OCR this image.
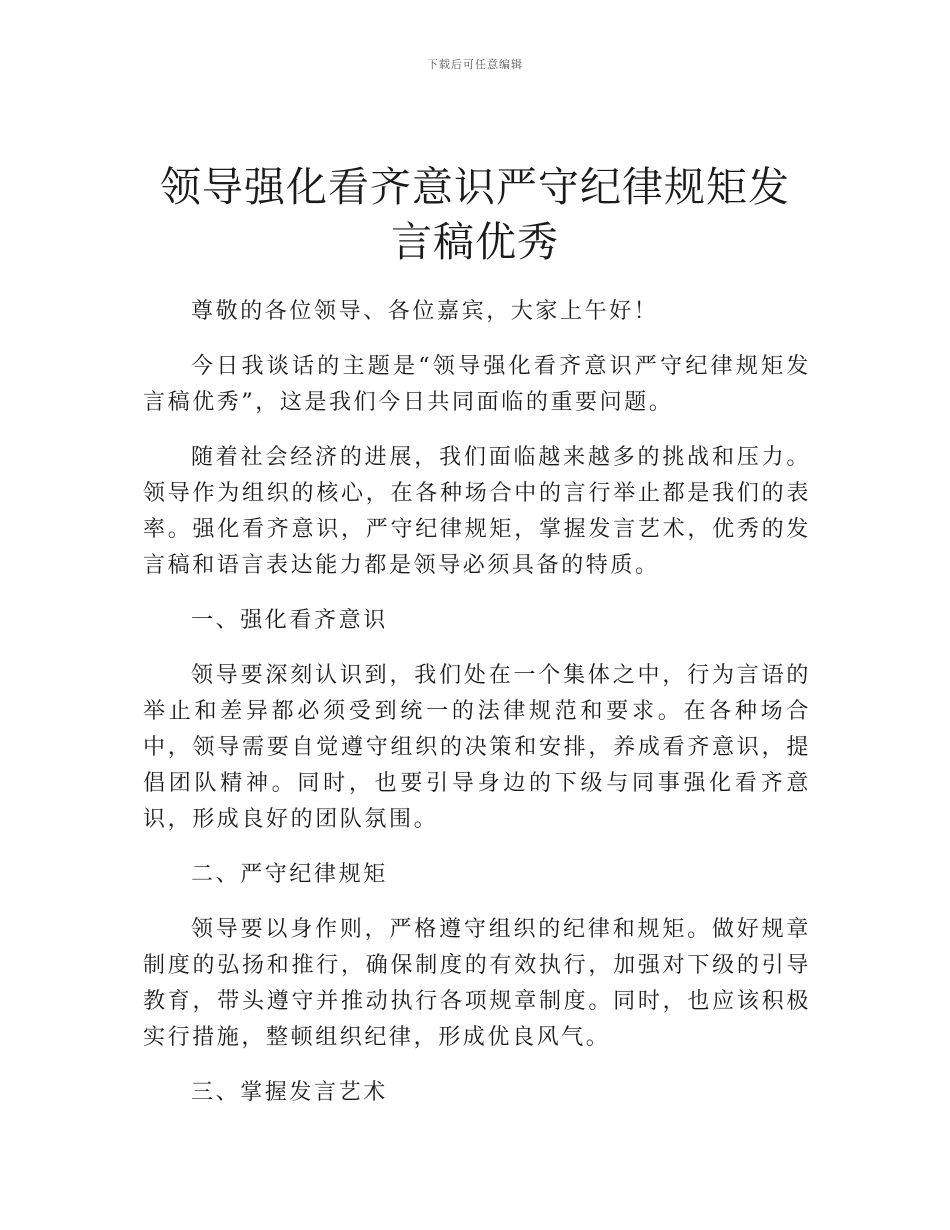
下载后可任意编辑
领导强化看齐意识严守纪律规矩发言稿优秀

尊敬的各位领导、各位嘉宾，大家上午好！

今日我谈话的主题是“领导强化看齐意识严守纪律规矩发言稿优秀”，这是我们今日共同面临的重要问题。

随着社会经济的进展，我们面临越来越多的挑战和压力。领导作为组织的核心，在各种场合中的言行举止都是我们的表率。强化看齐意识，严守纪律规矩，掌握发言艺术，优秀的发言稿和语言表达能力都是领导必须具备的特质。

一、强化看齐意识

领导要深刻认识到，我们处在一个集体之中，行为言语的举止和差异都必须受到统一的法律规范和要求。在各种场合中，领导需要自觉遵守组织的决策和安排，养成看齐意识，提倡团队精神。同时，也要引导身边的下级与同事强化看齐意识，形成良好的团队氛围。

二、严守纪律规矩

领导要以身作则，严格遵守组织的纪律和规矩。做好规章制度的弘扬和推行，确保制度的有效执行，加强对下级的引导教育，带头遵守并推动执行各项规章制度。同时，也应该积极实行措施，整顿组织纪律，形成优良风气。

三、掌握发言艺术
